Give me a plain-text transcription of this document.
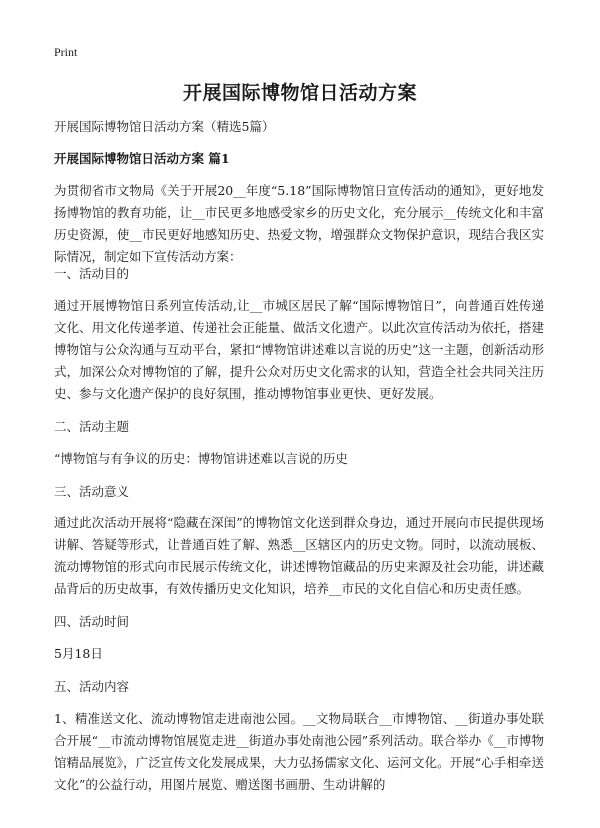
Print
开展国际博物馆日活动方案
开展国际博物馆日活动方案（精选5篇）
开展国际博物馆日活动方案 篇1
为贯彻省市文物局《关于开展20__年度“5.18”国际博物馆日宣传活动的通知》，更好地发扬博物馆的教育功能，让__市民更多地感受家乡的历史文化，充分展示__传统文化和丰富历史资源，使__市民更好地感知历史、热爱文物，增强群众文物保护意识，现结合我区实际情况，制定如下宣传活动方案：
一、活动目的
通过开展博物馆日系列宣传活动,让__市城区居民了解“国际博物馆日”，向普通百姓传递文化、用文化传递孝道、传递社会正能量、做活文化遗产。以此次宣传活动为依托，搭建博物馆与公众沟通与互动平台，紧扣“博物馆讲述难以言说的历史”这一主题，创新活动形式，加深公众对博物馆的了解，提升公众对历史文化需求的认知，营造全社会共同关注历史、参与文化遗产保护的良好氛围，推动博物馆事业更快、更好发展。
二、活动主题
“博物馆与有争议的历史：博物馆讲述难以言说的历史
三、活动意义
通过此次活动开展将“隐藏在深闺”的博物馆文化送到群众身边，通过开展向市民提供现场讲解、答疑等形式，让普通百姓了解、熟悉__区辖区内的历史文物。同时，以流动展板、流动博物馆的形式向市民展示传统文化，讲述博物馆藏品的历史来源及社会功能，讲述藏品背后的历史故事，有效传播历史文化知识，培养__市民的文化自信心和历史责任感。
四、活动时间
5月18日
五、活动内容
1、精准送文化、流动博物馆走进南池公园。__文物局联合__市博物馆、__街道办事处联合开展“__市流动博物馆展览走进__街道办事处南池公园”系列活动。联合举办《__市博物馆精品展览》，广泛宣传文化发展成果，大力弘扬儒家文化、运河文化。开展“心手相牵送文化”的公益行动，用图片展览、赠送图书画册、生动讲解的
